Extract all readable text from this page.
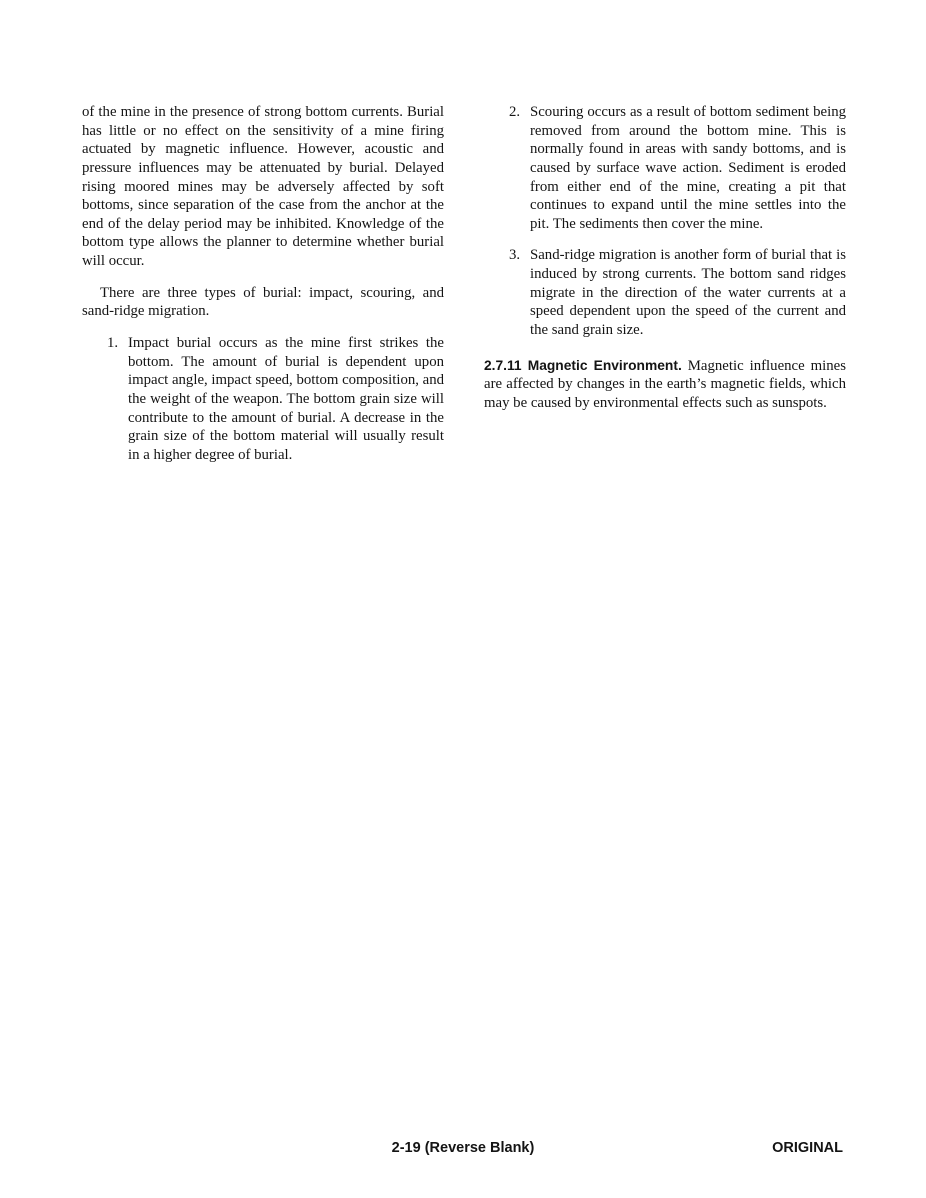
of the mine in the presence of strong bottom currents. Burial has little or no effect on the sensitivity of a mine firing actuated by magnetic influence. However, acoustic and pressure influences may be attenuated by burial. Delayed rising moored mines may be adversely affected by soft bottoms, since separation of the case from the anchor at the end of the delay period may be inhibited. Knowledge of the bottom type allows the planner to determine whether burial will occur.

There are three types of burial: impact, scouring, and sand-ridge migration.

1. Impact burial occurs as the mine first strikes the bottom. The amount of burial is dependent upon impact angle, impact speed, bottom composition, and the weight of the weapon. The bottom grain size will contribute to the amount of burial. A decrease in the grain size of the bottom material will usually result in a higher degree of burial.
2. Scouring occurs as a result of bottom sediment being removed from around the bottom mine. This is normally found in areas with sandy bottoms, and is caused by surface wave action. Sediment is eroded from either end of the mine, creating a pit that continues to expand until the mine settles into the pit. The sediments then cover the mine.
3. Sand-ridge migration is another form of burial that is induced by strong currents. The bottom sand ridges migrate in the direction of the water currents at a speed dependent upon the speed of the current and the sand grain size.

2.7.11 Magnetic Environment. Magnetic influence mines are affected by changes in the earth’s magnetic fields, which may be caused by environmental effects such as sunspots.

2-19 (Reverse Blank)	ORIGINAL
